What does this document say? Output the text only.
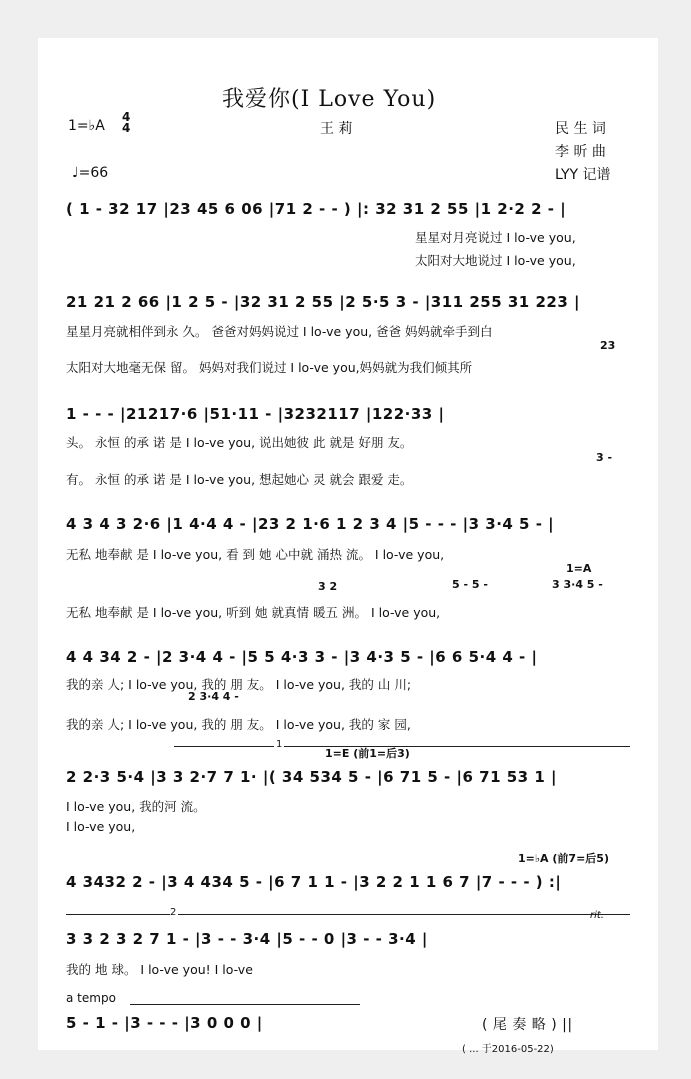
我爱你(I Love You)
1=♭A
4
4	王 莉	民 生 词
李 昕 曲
♩=66	LYY 记谱
( 1 - 32 17 |23 45 6 06 |71 2 - - ) |: 32 31 2 55 |1 2·2 2 - |
星星对月亮说过 I lo-ve you,
太阳对大地说过 I lo-ve you,
21 21 2 66 |1 2 5 - |32 31 2 55 |2 5·5 3 - |311 255 31 223 |
星星月亮就相伴到永 久。 爸爸对妈妈说过 I lo-ve you, 爸爸 妈妈就牵手到白
23
太阳对大地毫无保 留。 妈妈对我们说过 I lo-ve you,妈妈就为我们倾其所
1 - - - |21217·6 |51·11 - |3232117 |122·33 |
头。 永恒 的承 诺 是 I lo-ve you, 说出她彼 此 就是 好朋 友。
3 -
有。 永恒 的承 诺 是 I lo-ve you, 想起她心 灵 就会 跟爱 走。
4 3 4 3 2·6 |1 4·4 4 - |23 2 1·6 1 2 3 4 |5 - - - |3 3·4 5 - |
无私 地奉献 是 I lo-ve you, 看 到 她 心中就 涌热 流。 I lo-ve you,
1=A
3 2	5 - 5 -	3 3·4 5 -
无私 地奉献 是 I lo-ve you, 听到 她 就真情 暖五 洲。 I lo-ve you,
4 4 34 2 - |2 3·4 4 - |5 5 4·3 3 - |3 4·3 5 - |6 6 5·4 4 - |
我的亲 人; I lo-ve you, 我的 朋 友。 I lo-ve you, 我的 山 川;
2 3·4 4 -
我的亲 人; I lo-ve you, 我的 朋 友。 I lo-ve you, 我的 家 园,
1
1=E (前1=后3)
2 2·3 5·4 |3 3 2·7 7 1· |( 34 534 5 - |6 71 5 - |6 71 53 1 |
I lo-ve you, 我的河 流。
I lo-ve you,
1=♭A (前7=后5)
4 3432 2 - |3 4 434 5 - |6 7 1 1 - |3 2 2 1 1 6 7 |7 - - - ) :|
2	rit.
3 3 2 3 2 7 1 - |3 - - 3·4 |5 - - 0 |3 - - 3·4 |
我的 地 球。 I lo-ve you! I lo-ve
a tempo
5 - 1 - |3 - - - |3 0 0 0 |	( 尾 奏 略 ) ||
( ... 于2016-05-22)
